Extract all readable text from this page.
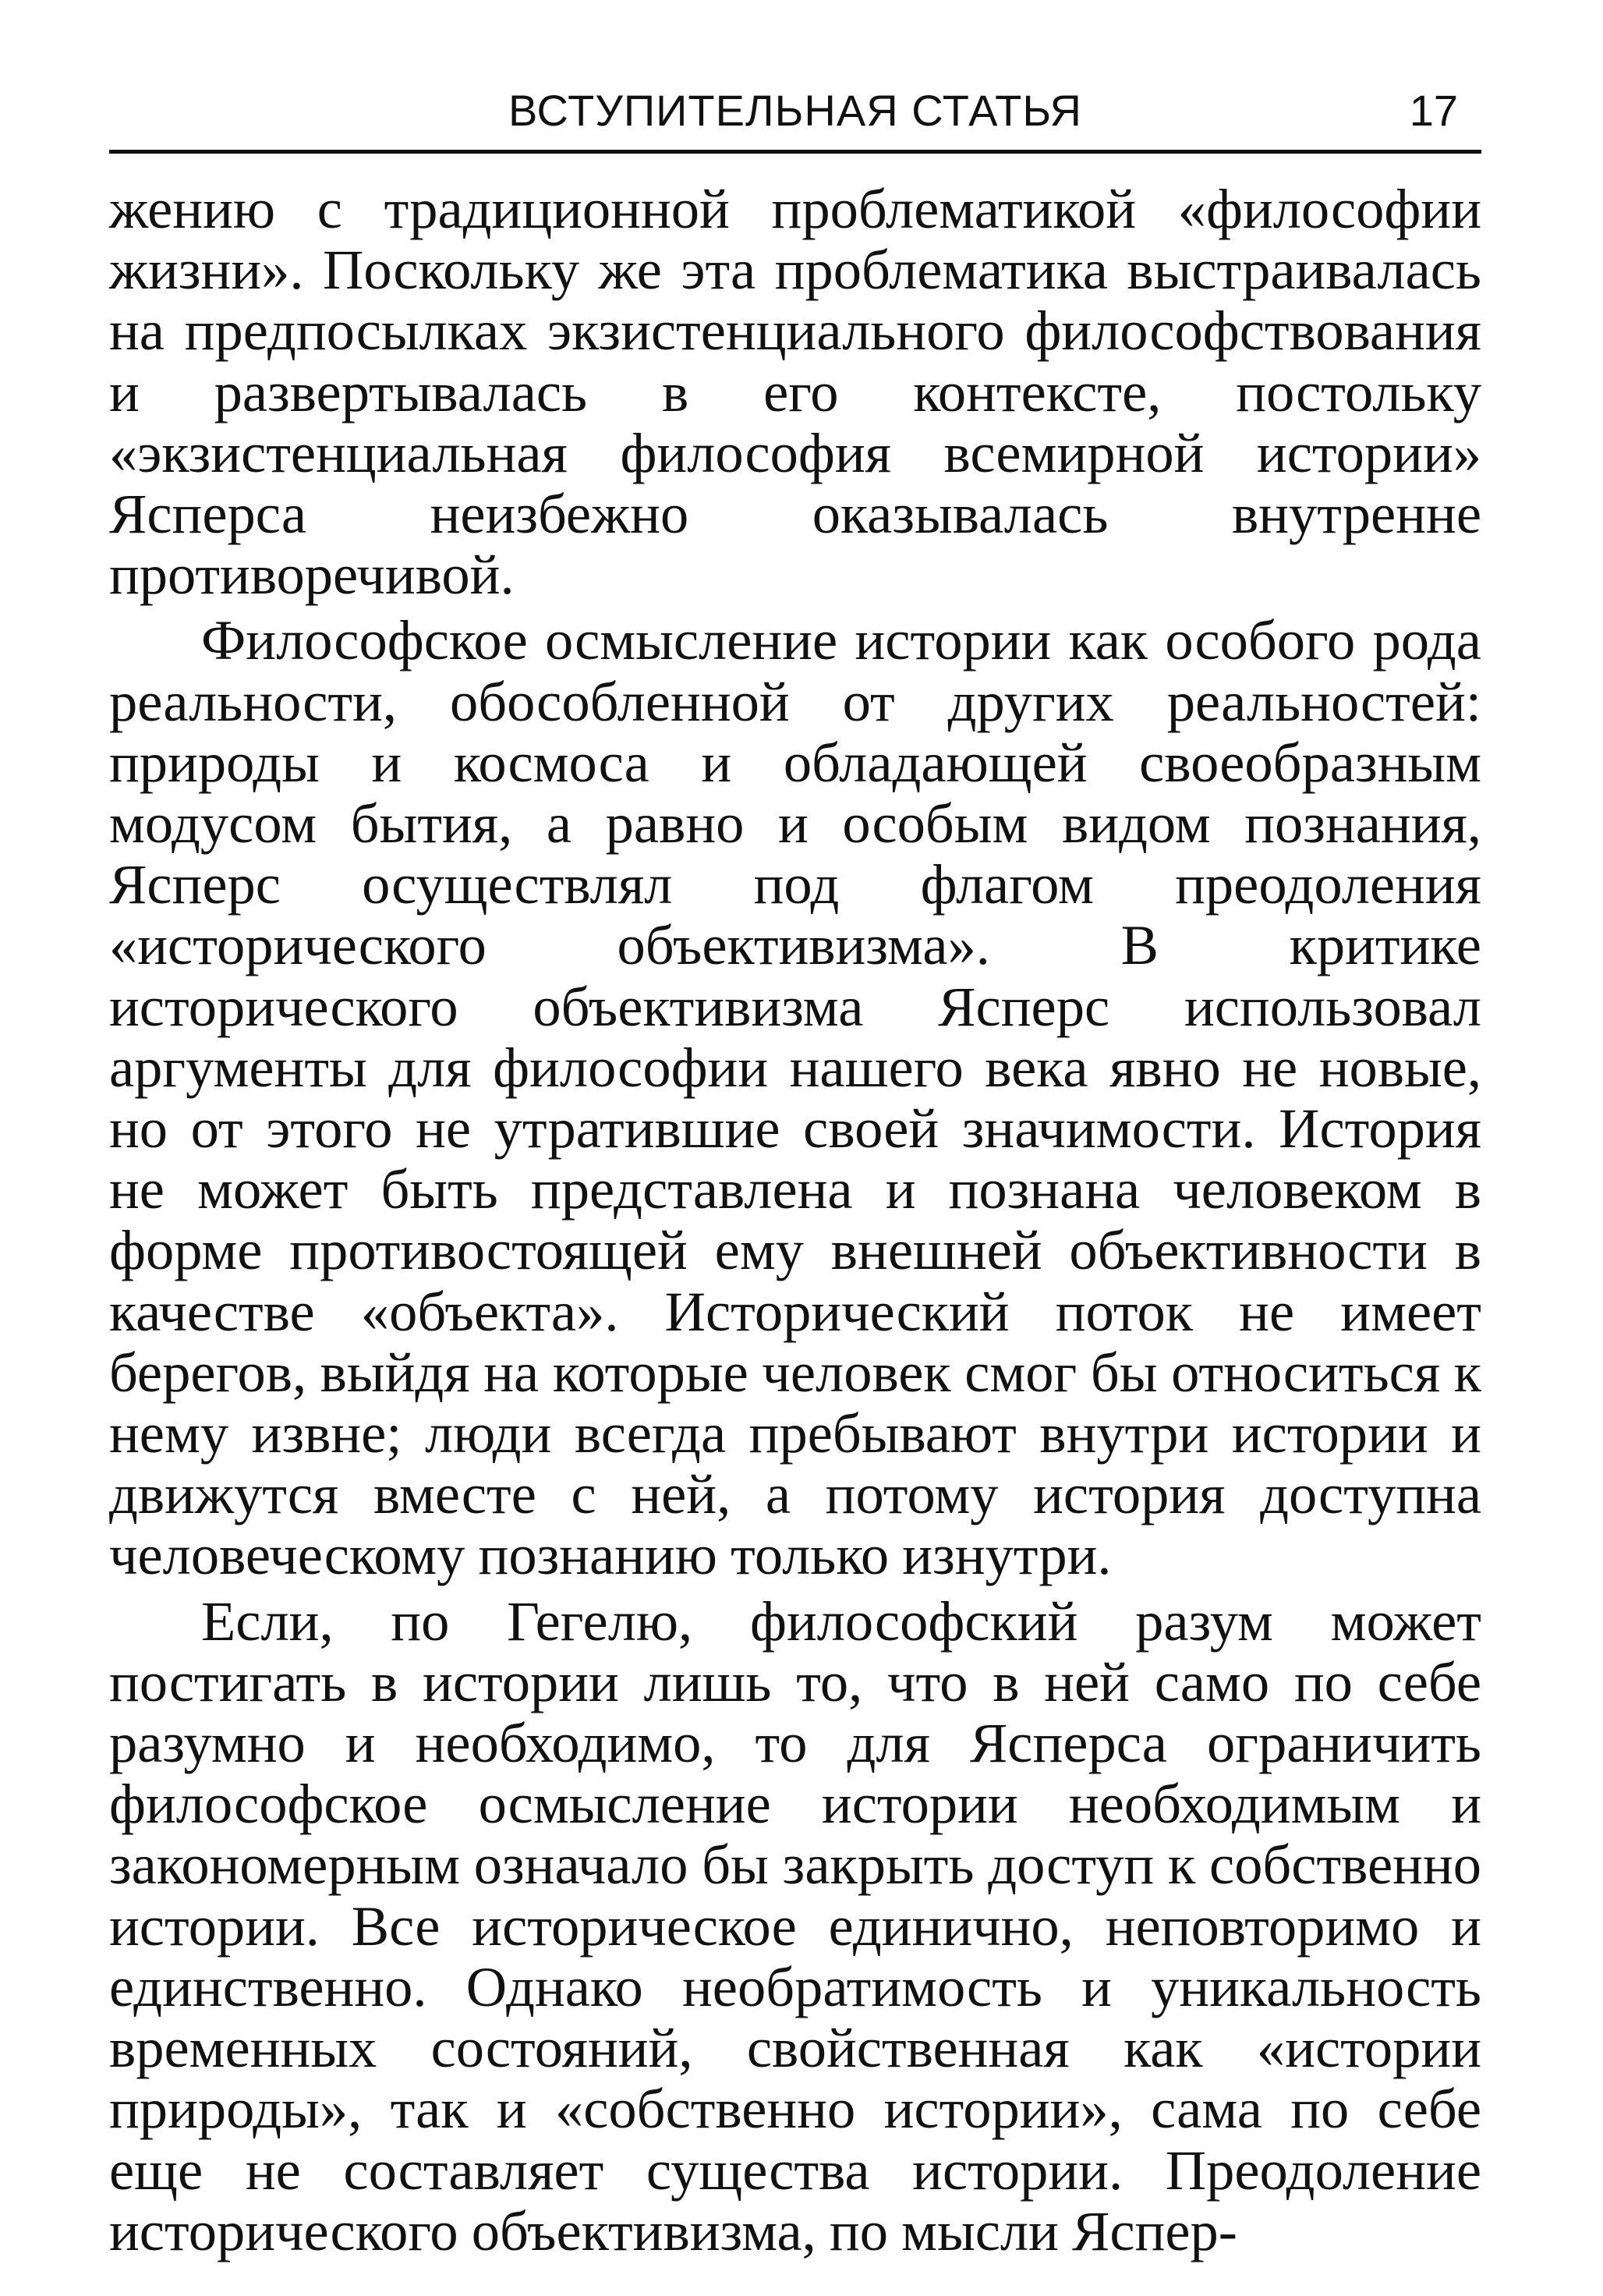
ВСТУПИТЕЛЬНАЯ СТАТЬЯ	17

жению с традиционной проблематикой «философии жизни». Поскольку же эта проблематика выстраивалась на предпосылках экзистенциального философствования и развертывалась в его контексте, постольку «экзистенциальная философия всемирной истории» Ясперса неизбежно оказывалась внутренне противоречивой.

Философское осмысление истории как особого рода реальности, обособленной от других реальностей: природы и космоса и обладающей своеобразным модусом бытия, а равно и особым видом познания, Ясперс осуществлял под флагом преодоления «исторического объективизма». В критике исторического объективизма Ясперс использовал аргументы для философии нашего века явно не новые, но от этого не утратившие своей значимости. История не может быть представлена и познана человеком в форме противостоящей ему внешней объективности в качестве «объекта». Исторический поток не имеет берегов, выйдя на которые человек смог бы относиться к нему извне; люди всегда пребывают внутри истории и движутся вместе с ней, а потому история доступна человеческому познанию только изнутри.

Если, по Гегелю, философский разум может постигать в истории лишь то, что в ней само по себе разумно и необходимо, то для Ясперса ограничить философское осмысление истории необходимым и закономерным означало бы закрыть доступ к собственно истории. Все историческое единично, неповторимо и единственно. Однако необратимость и уникальность временных состояний, свойственная как «истории природы», так и «собственно истории», сама по себе еще не составляет существа истории. Преодоление исторического объективизма, по мысли Яспер-
